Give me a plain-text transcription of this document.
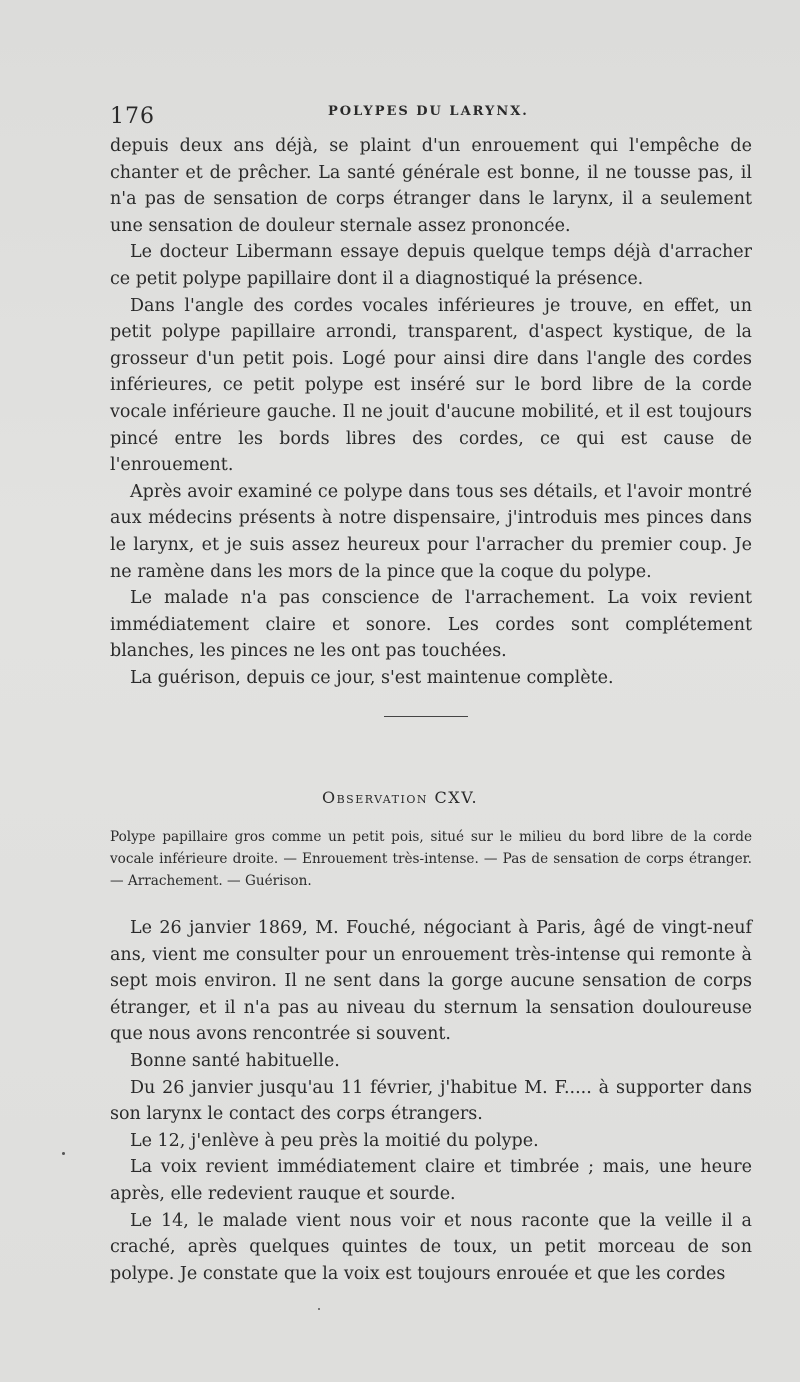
176	POLYPES DU LARYNX.

depuis deux ans déjà, se plaint d'un enrouement qui l'empêche de chanter et de prêcher. La santé générale est bonne, il ne tousse pas, il n'a pas de sensation de corps étranger dans le larynx, il a seulement une sensation de douleur sternale assez prononcée.

Le docteur Libermann essaye depuis quelque temps déjà d'arracher ce petit polype papillaire dont il a diagnostiqué la présence.

Dans l'angle des cordes vocales inférieures je trouve, en effet, un petit polype papillaire arrondi, transparent, d'aspect kystique, de la grosseur d'un petit pois. Logé pour ainsi dire dans l'angle des cordes inférieures, ce petit polype est inséré sur le bord libre de la corde vocale inférieure gauche. Il ne jouit d'aucune mobilité, et il est toujours pincé entre les bords libres des cordes, ce qui est cause de l'enrouement.

Après avoir examiné ce polype dans tous ses détails, et l'avoir montré aux médecins présents à notre dispensaire, j'introduis mes pinces dans le larynx, et je suis assez heureux pour l'arracher du premier coup. Je ne ramène dans les mors de la pince que la coque du polype.

Le malade n'a pas conscience de l'arrachement. La voix revient immédiatement claire et sonore. Les cordes sont complétement blanches, les pinces ne les ont pas touchées.

La guérison, depuis ce jour, s'est maintenue complète.

Observation CXV.
Polype papillaire gros comme un petit pois, situé sur le milieu du bord libre de la corde vocale inférieure droite. — Enrouement très-intense. — Pas de sensation de corps étranger. — Arrachement. — Guérison.

Le 26 janvier 1869, M. Fouché, négociant à Paris, âgé de vingt-neuf ans, vient me consulter pour un enrouement très-intense qui remonte à sept mois environ. Il ne sent dans la gorge aucune sensation de corps étranger, et il n'a pas au niveau du sternum la sensation douloureuse que nous avons rencontrée si souvent.

Bonne santé habituelle.

Du 26 janvier jusqu'au 11 février, j'habitue M. F..... à supporter dans son larynx le contact des corps étrangers.

Le 12, j'enlève à peu près la moitié du polype.

La voix revient immédiatement claire et timbrée ; mais, une heure après, elle redevient rauque et sourde.

Le 14, le malade vient nous voir et nous raconte que la veille il a craché, après quelques quintes de toux, un petit morceau de son polype. Je constate que la voix est toujours enrouée et que les cordes
